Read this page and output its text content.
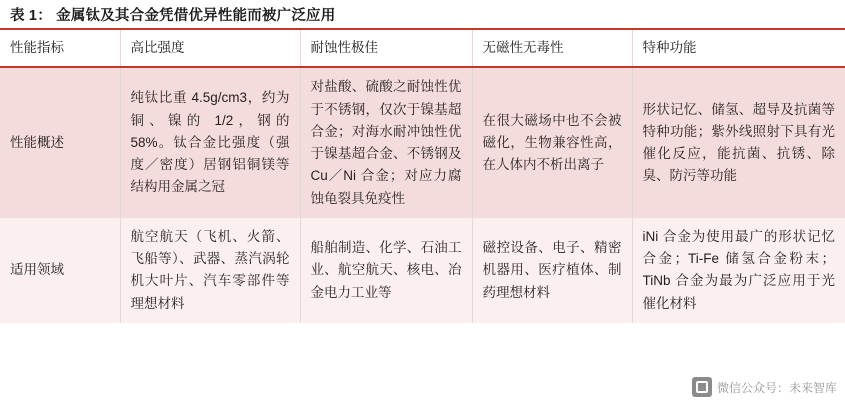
表 1： 金属钛及其合金凭借优异性能而被广泛应用
性能指标	高比强度	耐蚀性极佳	无磁性无毒性	特种功能
性能概述	纯钛比重 4.5g/cm3，约为铜、镍的 1/2，钢的 58%。钛合金比强度（强度／密度）居钢铝铜镁等结构用金属之冠	对盐酸、硫酸之耐蚀性优于不锈钢，仅次于镍基超合金；对海水耐冲蚀性优于镍基超合金、不锈钢及 Cu／Ni 合金；对应力腐蚀龟裂具免疫性	在很大磁场中也不会被磁化，生物兼容性高，在人体内不析出离子	形状记忆、储氢、超导及抗菌等特种功能；紫外线照射下具有光催化反应，能抗菌、抗锈、除臭、防污等功能
适用领域	航空航天（飞机、火箭、飞船等）、武器、蒸汽涡轮机大叶片、汽车零部件等理想材料	船舶制造、化学、石油工业、航空航天、核电、冶金电力工业等	磁控设备、电子、精密机器用、医疗植体、制药理想材料	iNi 合金为使用最广的形状记忆合金；Ti-Fe 储氢合金粉末；TiNb 合金为最为广泛应用于光催化材料
微信公众号：未来智库
